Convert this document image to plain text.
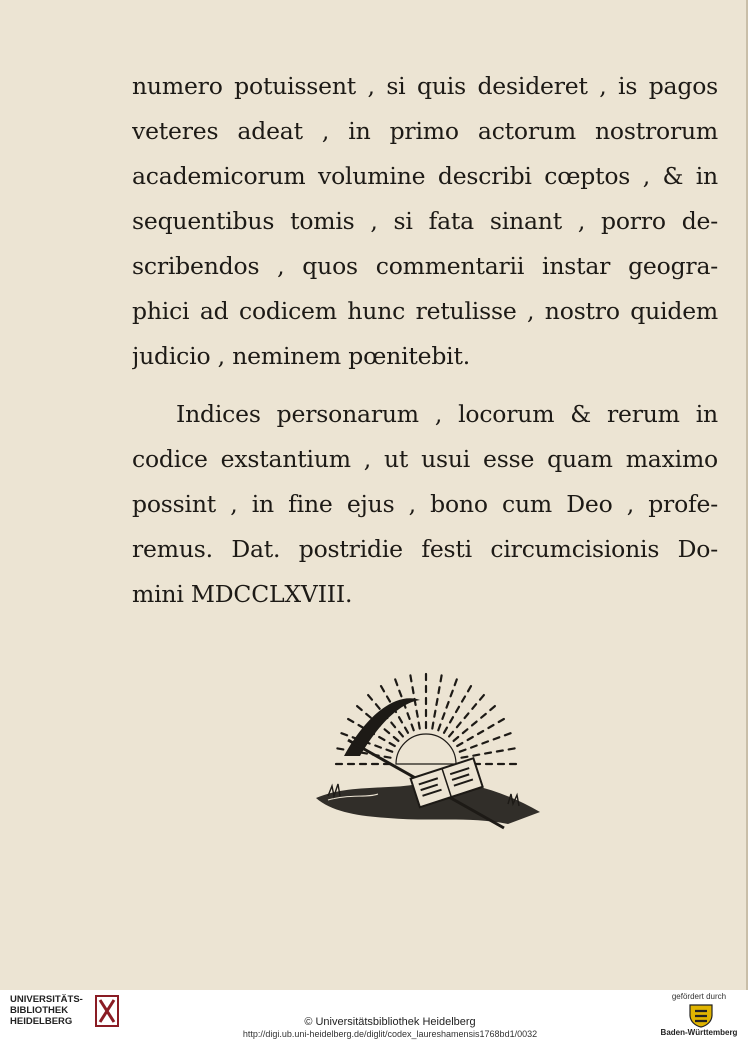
numero potuissent , si quis desideret , is pagos
veteres adeat , in primo actorum nostrorum
academicorum volumine describi cœptos , & in
sequentibus tomis , si fata sinant , porro de-
scribendos , quos commentarii instar geogra-
phici ad codicem hunc retulisse , nostro quidem
judicio , neminem pœnitebit.
Indices personarum , locorum & rerum in
codice exstantium , ut usui esse quam maximo
possint , in fine ejus , bono cum Deo , profe-
remus. Dat. postridie festi circumcisionis Do-
mini MDCCLXVIII.
UNIVERSITÄTS-
BIBLIOTHEK
HEIDELBERG	© Universitätsbibliothek Heidelberg
http://digi.ub.uni-heidelberg.de/diglit/codex_laureshamensis1768bd1/0032
gefördert durch
Baden-Württemberg
